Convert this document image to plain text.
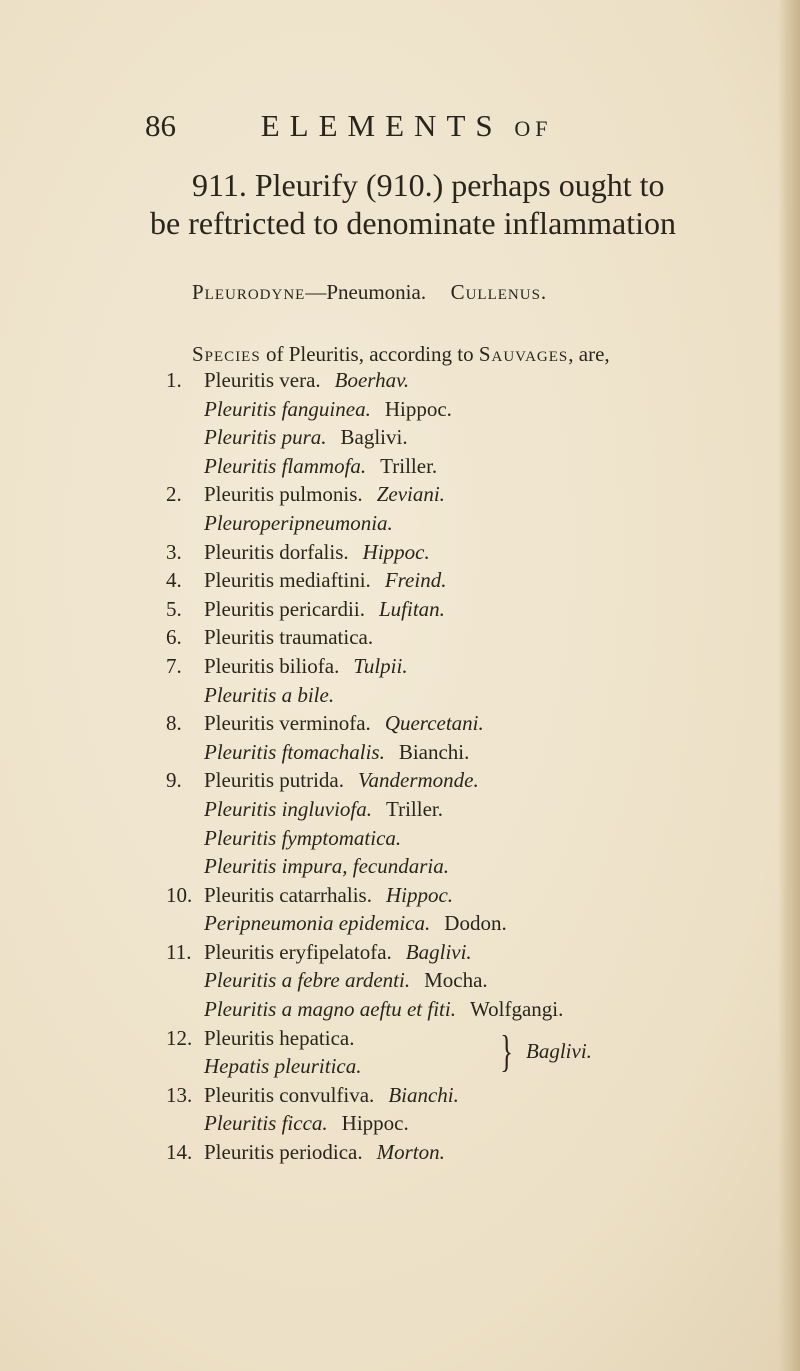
86	ELEMENTS OF
911. Pleurify (910.) perhaps ought to
be reftricted to denominate inflammation
Pleurodyne—Pneumonia. Cullenus.
Species of Pleuritis, according to Sauvages, are,
1. Pleuritis vera. Boerhav.
Pleuritis fanguinea. Hippoc.
Pleuritis pura. Baglivi.
Pleuritis flammofa. Triller.
2. Pleuritis pulmonis. Zeviani.
Pleuroperipneumonia.
3. Pleuritis dorfalis. Hippoc.
4. Pleuritis mediaftini. Freind.
5. Pleuritis pericardii. Lufitan.
6. Pleuritis traumatica.
7. Pleuritis biliofa. Tulpii.
Pleuritis a bile.
8. Pleuritis verminofa. Quercetani.
Pleuritis ftomachalis. Bianchi.
9. Pleuritis putrida. Vandermonde.
Pleuritis ingluviofa. Triller.
Pleuritis fymptomatica.
Pleuritis impura, fecundaria.
10. Pleuritis catarrhalis. Hippoc.
Peripneumonia epidemica. Dodon.
11. Pleuritis eryfipelatofa. Baglivi.
Pleuritis a febre ardenti. Mocha.
Pleuritis a magno aeftu et fiti. Wolfgangi.
12. Pleuritis hepatica.
Hepatis pleuritica.	} Baglivi.
13. Pleuritis convulfiva. Bianchi.
Pleuritis ficca. Hippoc.
14. Pleuritis periodica. Morton.
